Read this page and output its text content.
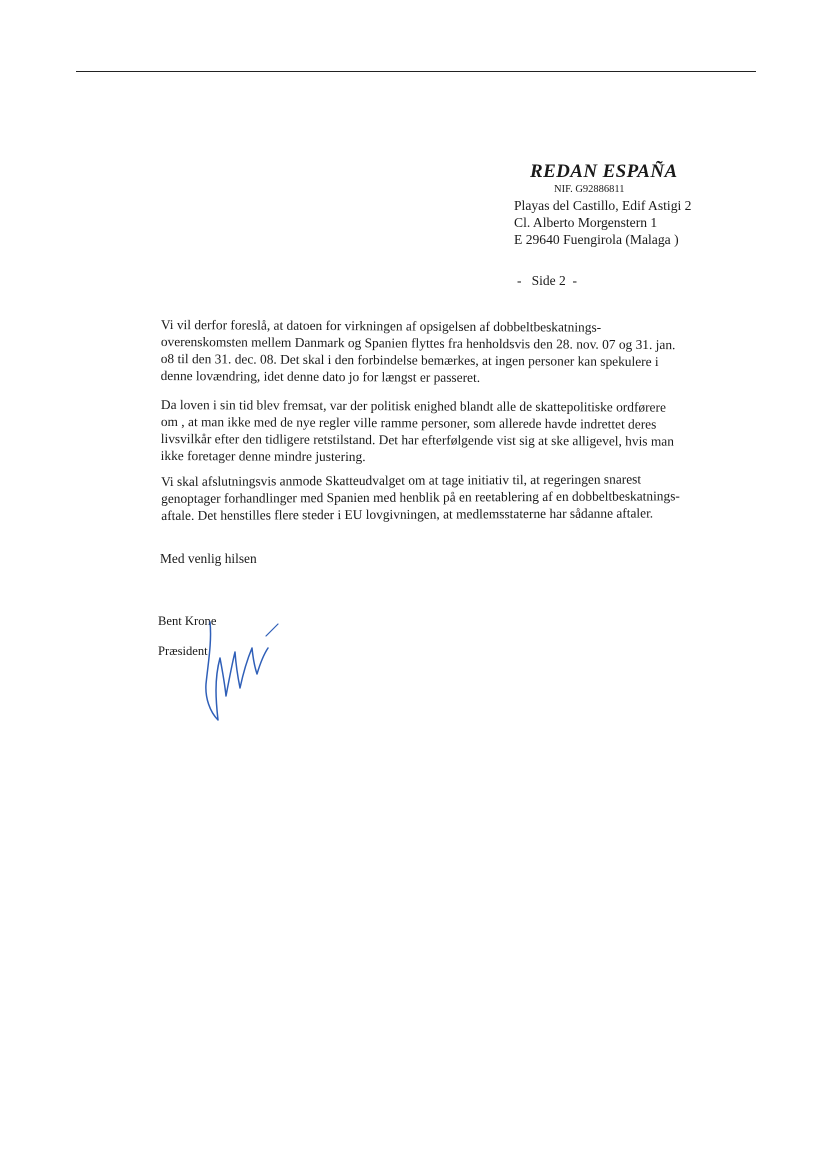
REDAN ESPAÑA
NIF. G92886811
Playas del Castillo, Edif Astigi 2
Cl. Alberto Morgenstern 1
E 29640 Fuengirola (Malaga )
-   Side 2  -
Vi vil derfor foreslå, at datoen for virkningen af opsigelsen af dobbeltbeskatnings-
overenskomsten mellem Danmark og Spanien flyttes fra henholdsvis den 28. nov. 07 og 31. jan.
o8 til den 31. dec. 08. Det skal i den forbindelse bemærkes, at ingen personer kan spekulere i
denne lovændring, idet denne dato jo for længst er passeret.
Da loven i sin tid blev fremsat, var der politisk enighed blandt alle de skattepolitiske ordførere
om , at man ikke med de nye regler ville ramme personer, som allerede havde indrettet deres
livsvilkår efter den tidligere retstilstand. Det har efterfølgende vist sig at ske alligevel, hvis man
ikke foretager denne mindre justering.
Vi skal afslutningsvis anmode Skatteudvalget om at tage initiativ til, at regeringen snarest
genoptager forhandlinger med Spanien med henblik på en reetablering af en dobbeltbeskatnings-
aftale. Det henstilles flere steder i EU lovgivningen, at medlemsstaterne har sådanne aftaler.
Med venlig hilsen
Bent Krone
Præsident
